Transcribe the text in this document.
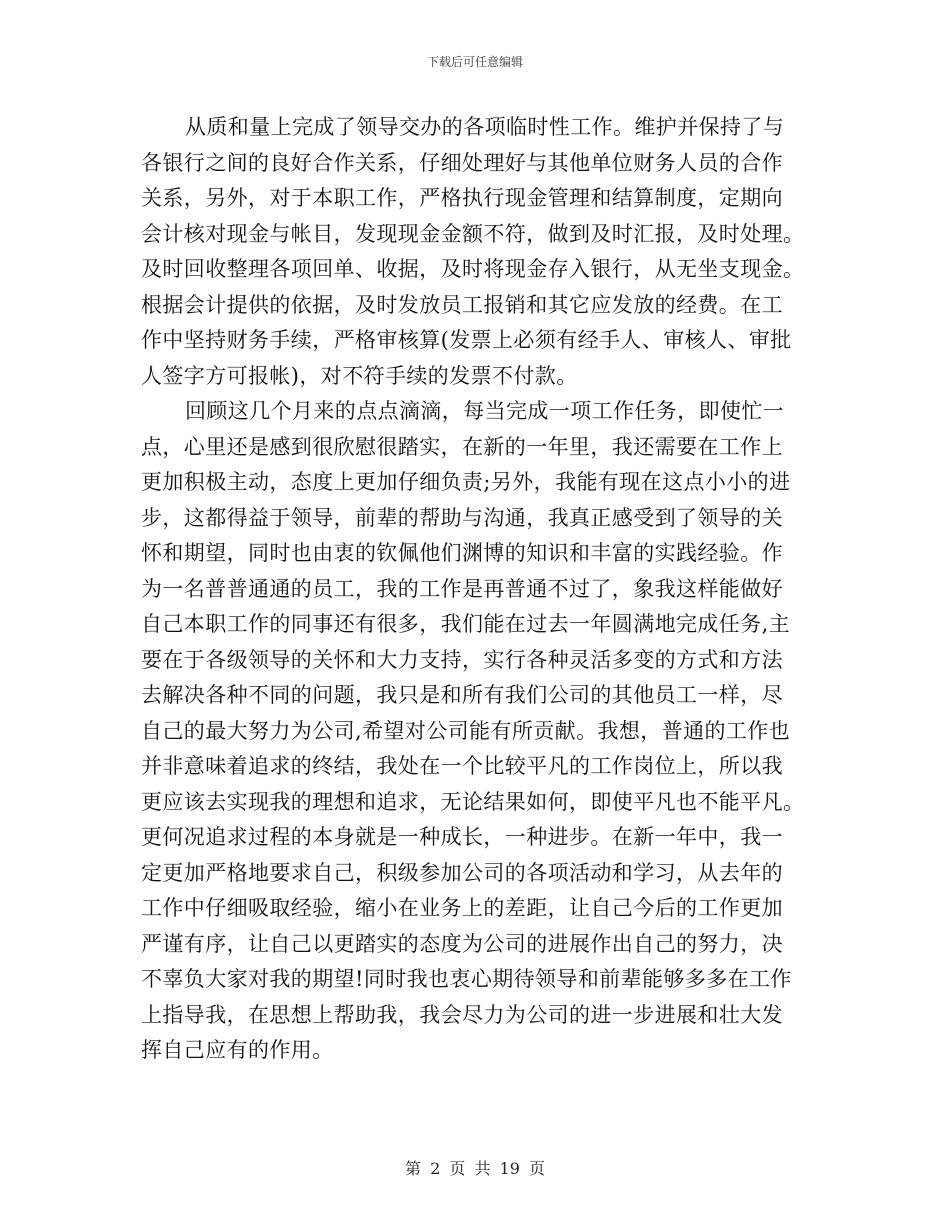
下载后可任意编辑
从质和量上完成了领导交办的各项临时性工作。维护并保持了与
各银行之间的良好合作关系，仔细处理好与其他单位财务人员的合作
关系，另外，对于本职工作，严格执行现金管理和结算制度，定期向
会计核对现金与帐目，发现现金金额不符，做到及时汇报，及时处理。
及时回收整理各项回单、收据，及时将现金存入银行，从无坐支现金。
根据会计提供的依据，及时发放员工报销和其它应发放的经费。在工
作中坚持财务手续，严格审核算(发票上必须有经手人、审核人、审批
人签字方可报帐)，对不符手续的发票不付款。
回顾这几个月来的点点滴滴，每当完成一项工作任务，即使忙一
点，心里还是感到很欣慰很踏实，在新的一年里，我还需要在工作上
更加积极主动，态度上更加仔细负责;另外，我能有现在这点小小的进
步，这都得益于领导，前辈的帮助与沟通，我真正感受到了领导的关
怀和期望，同时也由衷的钦佩他们渊博的知识和丰富的实践经验。作
为一名普普通通的员工，我的工作是再普通不过了，象我这样能做好
自己本职工作的同事还有很多，我们能在过去一年圆满地完成任务,主
要在于各级领导的关怀和大力支持，实行各种灵活多变的方式和方法
去解决各种不同的问题，我只是和所有我们公司的其他员工一样，尽
自己的最大努力为公司,希望对公司能有所贡献。我想，普通的工作也
并非意味着追求的终结，我处在一个比较平凡的工作岗位上，所以我
更应该去实现我的理想和追求，无论结果如何，即使平凡也不能平凡。
更何况追求过程的本身就是一种成长，一种进步。在新一年中，我一
定更加严格地要求自己，积级参加公司的各项活动和学习，从去年的
工作中仔细吸取经验，缩小在业务上的差距，让自己今后的工作更加
严谨有序，让自己以更踏实的态度为公司的进展作出自己的努力，决
不辜负大家对我的期望!同时我也衷心期待领导和前辈能够多多在工作
上指导我，在思想上帮助我，我会尽力为公司的进一步进展和壮大发
挥自己应有的作用。
第 2 页 共 19 页
